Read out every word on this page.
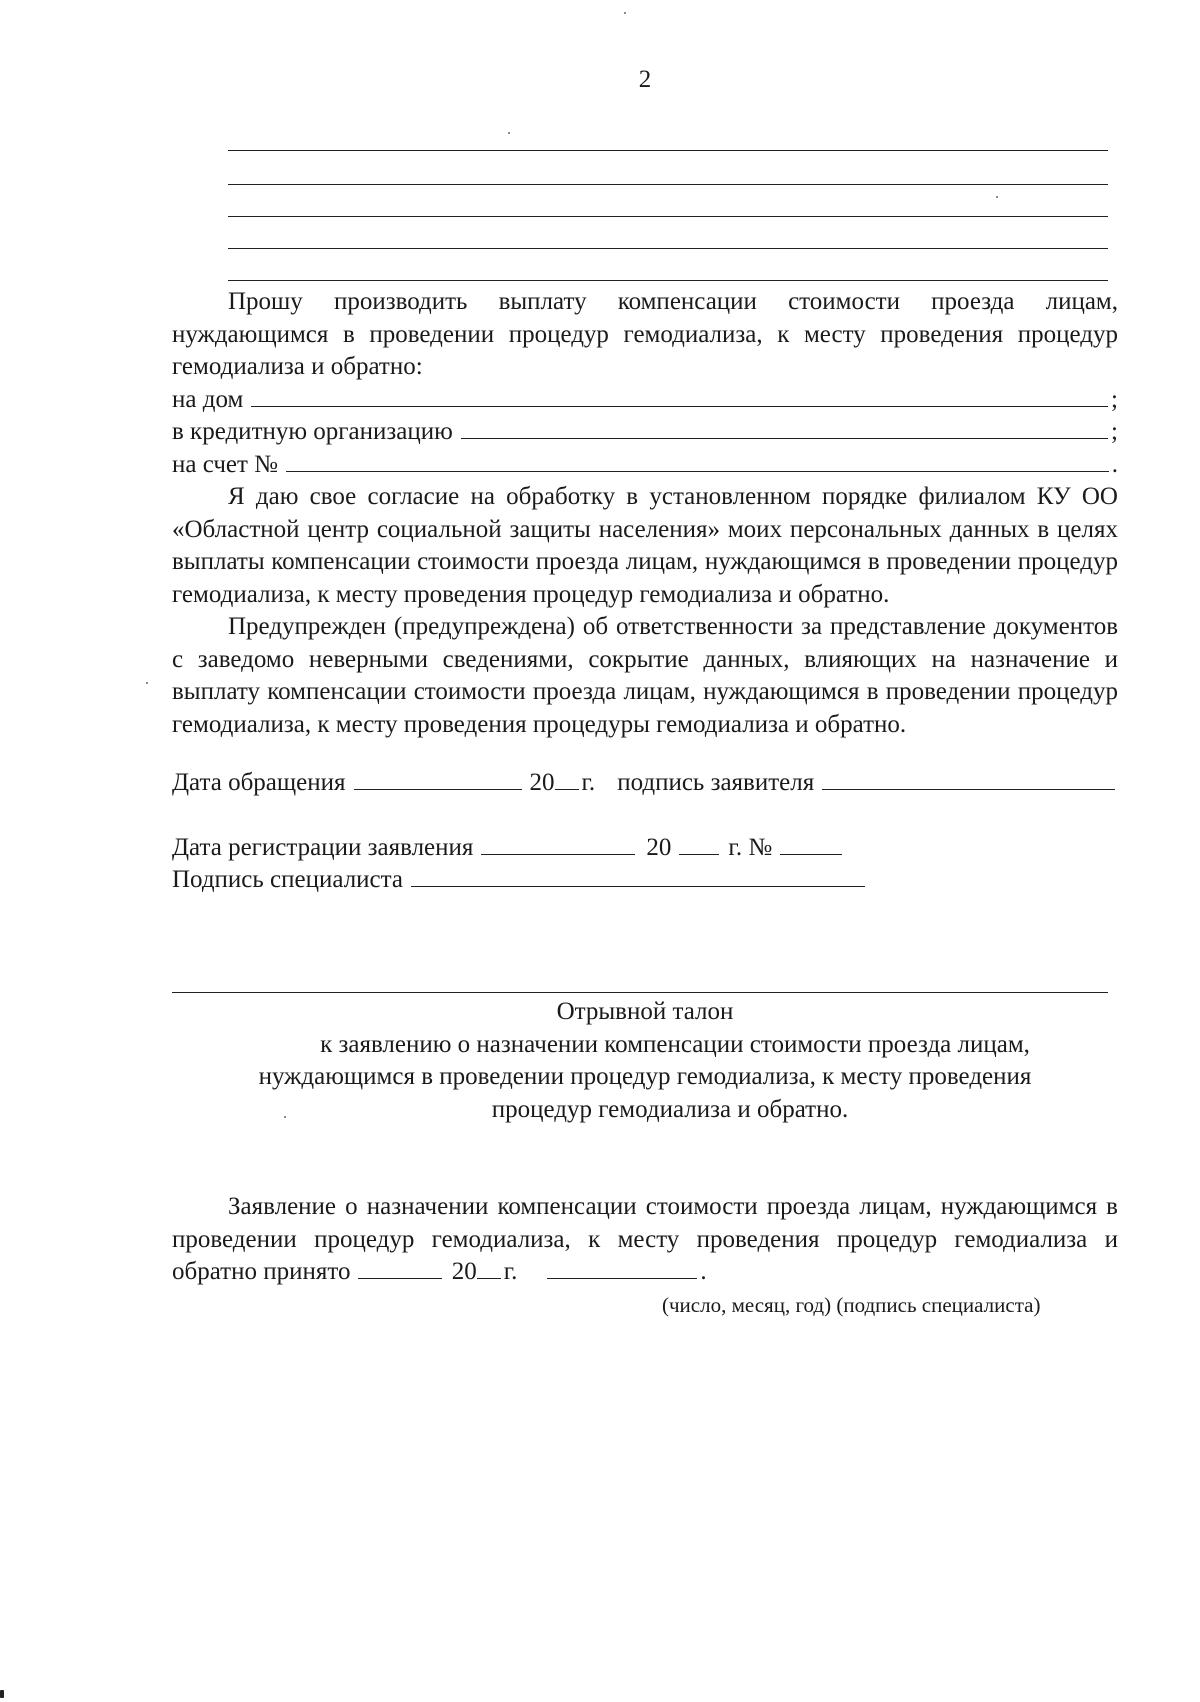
2

Прошу производить выплату компенсации стоимости проезда лицам, нуждающимся в проведении процедур гемодиализа, к месту проведения процедур гемодиализа и обратно:

на дом	;
в кредитную организацию	;
на счет №	.

Я даю свое согласие на обработку в установленном порядке филиалом КУ ОО «Областной центр социальной защиты населения» моих персональных данных в целях выплаты компенсации стоимости проезда лицам, нуждающимся в проведении процедур гемодиализа, к месту проведения процедур гемодиализа и обратно.

Предупрежден (предупреждена) об ответственности за представление документов с заведомо неверными сведениями, сокрытие данных, влияющих на назначение и выплату компенсации стоимости проезда лицам, нуждающимся в проведении процедур гемодиализа, к месту проведения процедуры гемодиализа и обратно.

Дата обращения	20 г. подпись заявителя
Дата регистрации заявления	20 г. №
Подпись специалиста
Отрывной талон
к заявлению о назначении компенсации стоимости проезда лицам,
нуждающимся в проведении процедур гемодиализа, к месту проведения
процедур гемодиализа и обратно.

Заявление о назначении компенсации стоимости проезда лицам, нуждающимся в проведении процедур гемодиализа, к месту проведения процедур гемодиализа и обратно принято	20 г.	.

(число, месяц, год) (подпись специалиста)
